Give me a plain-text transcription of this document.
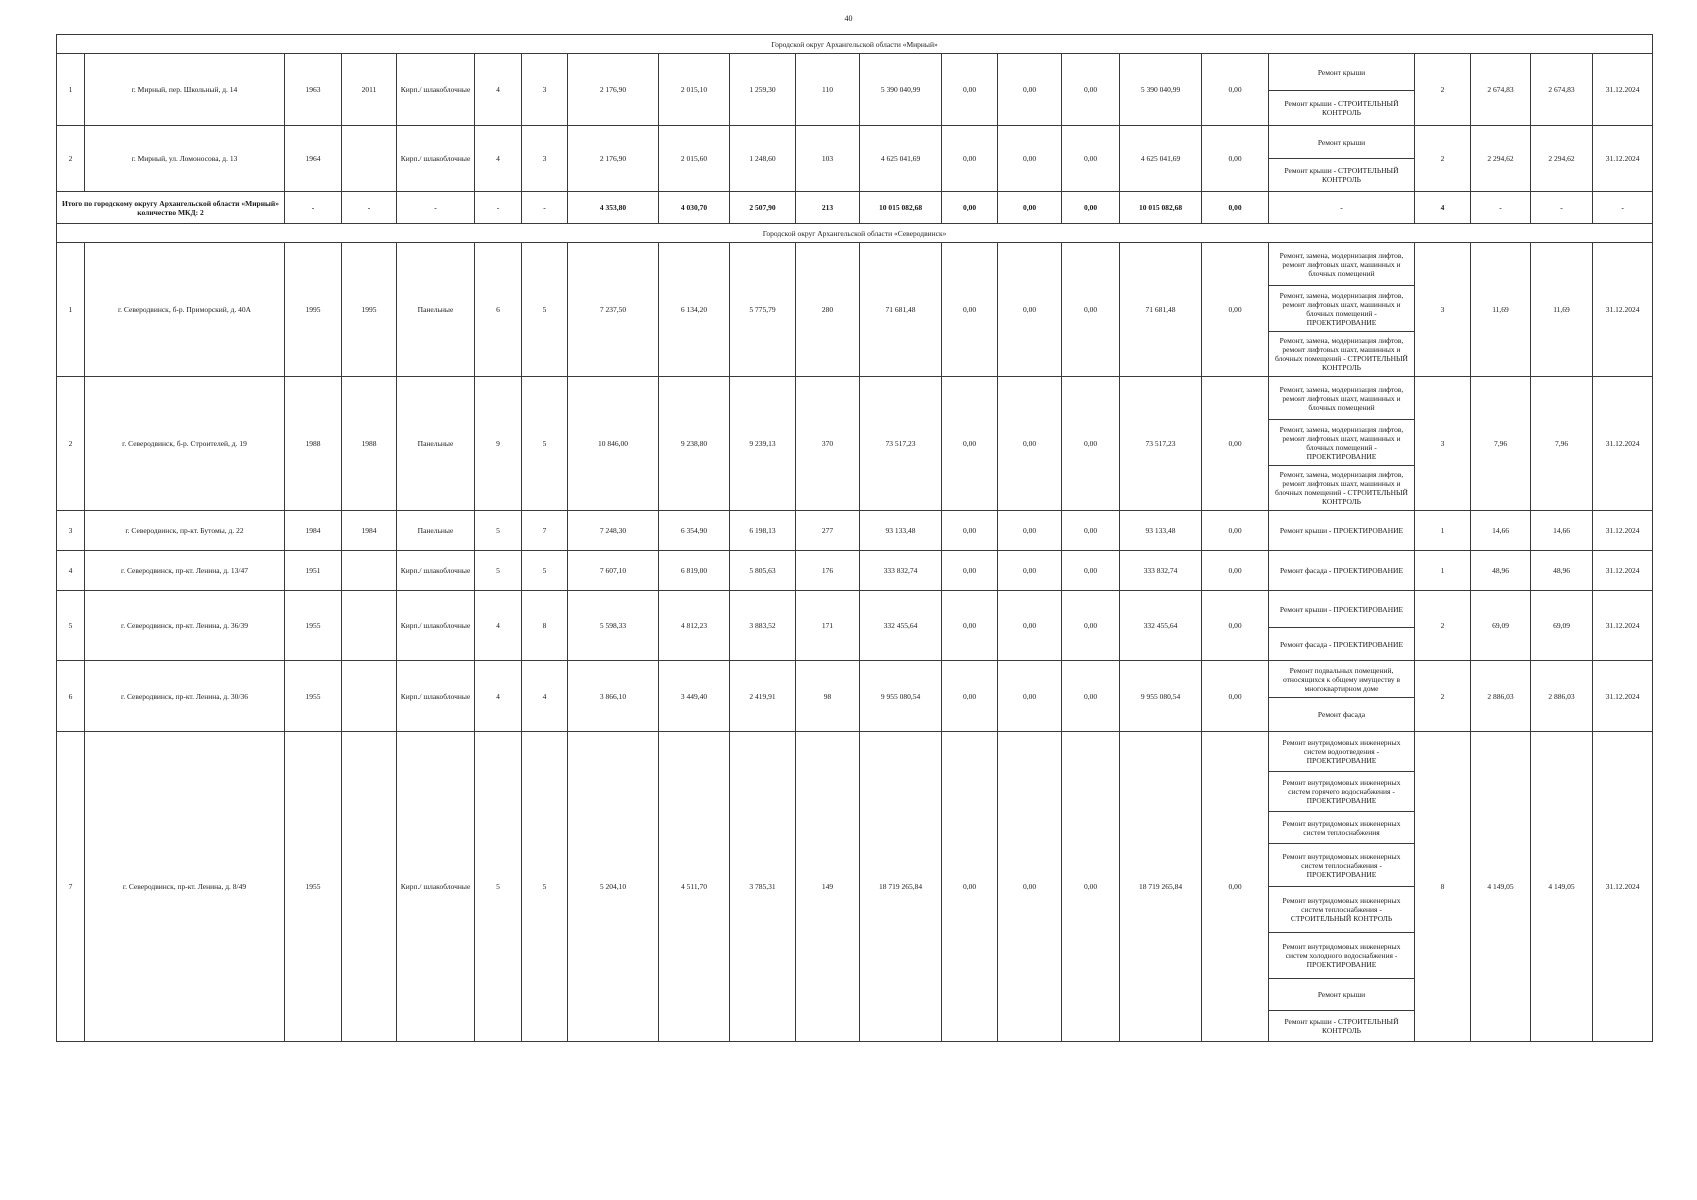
40
Городской округ Архангельской области «Мирный»																					
1	г. Мирный, пер. Школьный, д. 14	1963	2011	Кирп./ шлакоблочные	4	3	2 176,90	2 015,10	1 259,30	110	5 390 040,99	0,00	0,00	0,00	5 390 040,99	0,00	Ремонт крыши	2	2 674,83	2 674,83	31.12.2024
																	Ремонт крыши - СТРОИТЕЛЬНЫЙ КОНТРОЛЬ				
2	г. Мирный, ул. Ломоносова, д. 13	1964		Кирп./ шлакоблочные	4	3	2 176,90	2 015,60	1 248,60	103	4 625 041,69	0,00	0,00	0,00	4 625 041,69	0,00	Ремонт крыши	2	2 294,62	2 294,62	31.12.2024
																	Ремонт крыши - СТРОИТЕЛЬНЫЙ КОНТРОЛЬ				
Итого по городскому округу Архангельской области «Мирный» количество МКД: 2		-	-	-	-	-	4 353,80	4 030,70	2 507,90	213	10 015 082,68	0,00	0,00	0,00	10 015 082,68	0,00	-	4	-	-	-
Городской округ Архангельской области «Северодвинск»																					
1	г. Северодвинск, б-р. Приморский, д. 40А	1995	1995	Панельные	6	5	7 237,50	6 134,20	5 775,79	280	71 681,48	0,00	0,00	0,00	71 681,48	0,00	Ремонт, замена, модернизация лифтов, ремонт лифтовых шахт, машинных и блочных помещений	3	11,69	11,69	31.12.2024
																	Ремонт, замена, модернизация лифтов, ремонт лифтовых шахт, машинных и блочных помещений - ПРОЕКТИРОВАНИЕ				
																	Ремонт, замена, модернизация лифтов, ремонт лифтовых шахт, машинных и блочных помещений - СТРОИТЕЛЬНЫЙ КОНТРОЛЬ				
2	г. Северодвинск, б-р. Строителей, д. 19	1988	1988	Панельные	9	5	10 846,00	9 238,80	9 239,13	370	73 517,23	0,00	0,00	0,00	73 517,23	0,00	Ремонт, замена, модернизация лифтов, ремонт лифтовых шахт, машинных и блочных помещений	3	7,96	7,96	31.12.2024
																	Ремонт, замена, модернизация лифтов, ремонт лифтовых шахт, машинных и блочных помещений - ПРОЕКТИРОВАНИЕ				
																	Ремонт, замена, модернизация лифтов, ремонт лифтовых шахт, машинных и блочных помещений - СТРОИТЕЛЬНЫЙ КОНТРОЛЬ				
3	г. Северодвинск, пр-кт. Бутомы, д. 22	1984	1984	Панельные	5	7	7 248,30	6 354,90	6 198,13	277	93 133,48	0,00	0,00	0,00	93 133,48	0,00	Ремонт крыши - ПРОЕКТИРОВАНИЕ	1	14,66	14,66	31.12.2024
4	г. Северодвинск, пр-кт. Ленина, д. 13/47	1951		Кирп./ шлакоблочные	5	5	7 607,10	6 819,00	5 805,63	176	333 832,74	0,00	0,00	0,00	333 832,74	0,00	Ремонт фасада - ПРОЕКТИРОВАНИЕ	1	48,96	48,96	31.12.2024
5	г. Северодвинск, пр-кт. Ленина, д. 36/39	1955		Кирп./ шлакоблочные	4	8	5 598,33	4 812,23	3 883,52	171	332 455,64	0,00	0,00	0,00	332 455,64	0,00	Ремонт крыши - ПРОЕКТИРОВАНИЕ	2	69,09	69,09	31.12.2024
																	Ремонт фасада - ПРОЕКТИРОВАНИЕ				
6	г. Северодвинск, пр-кт. Ленина, д. 30/36	1955		Кирп./ шлакоблочные	4	4	3 866,10	3 449,40	2 419,91	98	9 955 080,54	0,00	0,00	0,00	9 955 080,54	0,00	Ремонт подвальных помещений, относящихся к общему имуществу в многоквартирном доме	2	2 886,03	2 886,03	31.12.2024
																	Ремонт фасада				
7	г. Северодвинск, пр-кт. Ленина, д. 8/49	1955		Кирп./ шлакоблочные	5	5	5 204,10	4 511,70	3 785,31	149	18 719 265,84	0,00	0,00	0,00	18 719 265,84	0,00	Ремонт внутридомовых инженерных систем водоотведения - ПРОЕКТИРОВАНИЕ	8	4 149,05	4 149,05	31.12.2024
																	Ремонт внутридомовых инженерных систем горячего водоснабжения - ПРОЕКТИРОВАНИЕ				
																	Ремонт внутридомовых инженерных систем теплоснабжения				
																	Ремонт внутридомовых инженерных систем теплоснабжения - ПРОЕКТИРОВАНИЕ				
																	Ремонт внутридомовых инженерных систем теплоснабжения - СТРОИТЕЛЬНЫЙ КОНТРОЛЬ				
																	Ремонт внутридомовых инженерных систем холодного водоснабжения - ПРОЕКТИРОВАНИЕ				
																	Ремонт крыши				
																	Ремонт крыши - СТРОИТЕЛЬНЫЙ КОНТРОЛЬ				
